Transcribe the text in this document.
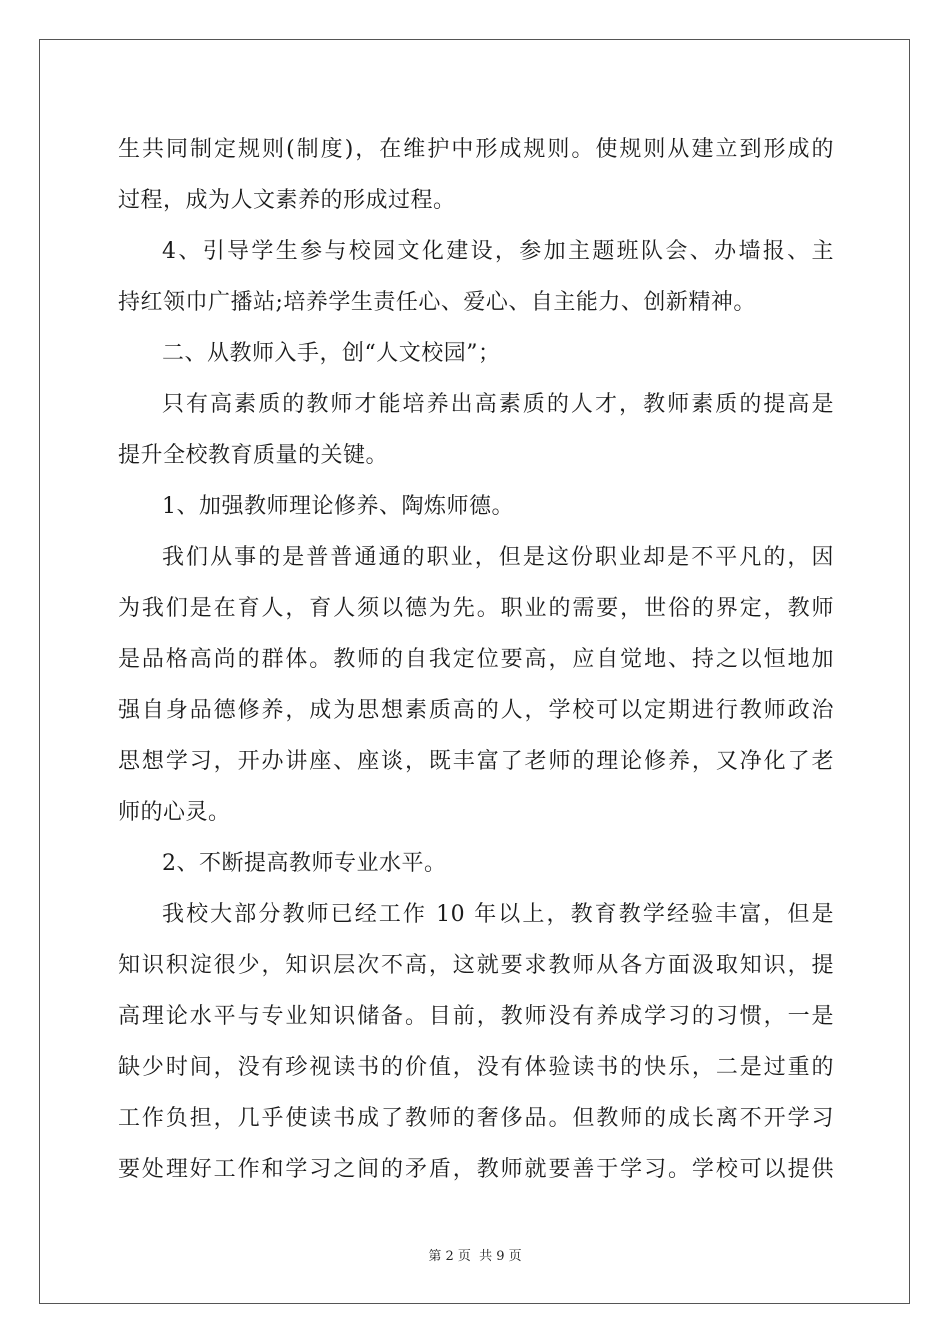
生共同制定规则(制度)，在维护中形成规则。使规则从建立到形成的
过程，成为人文素养的形成过程。
4、引导学生参与校园文化建设，参加主题班队会、办墙报、主
持红领巾广播站;培养学生责任心、爱心、自主能力、创新精神。
二、从教师入手，创“人文校园”；
只有高素质的教师才能培养出高素质的人才，教师素质的提高是
提升全校教育质量的关键。
1、加强教师理论修养、陶炼师德。
我们从事的是普普通通的职业，但是这份职业却是不平凡的，因
为我们是在育人，育人须以德为先。职业的需要，世俗的界定，教师
是品格高尚的群体。教师的自我定位要高，应自觉地、持之以恒地加
强自身品德修养，成为思想素质高的人，学校可以定期进行教师政治
思想学习，开办讲座、座谈，既丰富了老师的理论修养，又净化了老
师的心灵。
2、不断提高教师专业水平。
我校大部分教师已经工作 10 年以上，教育教学经验丰富，但是
知识积淀很少，知识层次不高，这就要求教师从各方面汲取知识，提
高理论水平与专业知识储备。目前，教师没有养成学习的习惯，一是
缺少时间，没有珍视读书的价值，没有体验读书的快乐，二是过重的
工作负担，几乎使读书成了教师的奢侈品。但教师的成长离不开学习
要处理好工作和学习之间的矛盾，教师就要善于学习。学校可以提供
第 2 页 共 9 页
